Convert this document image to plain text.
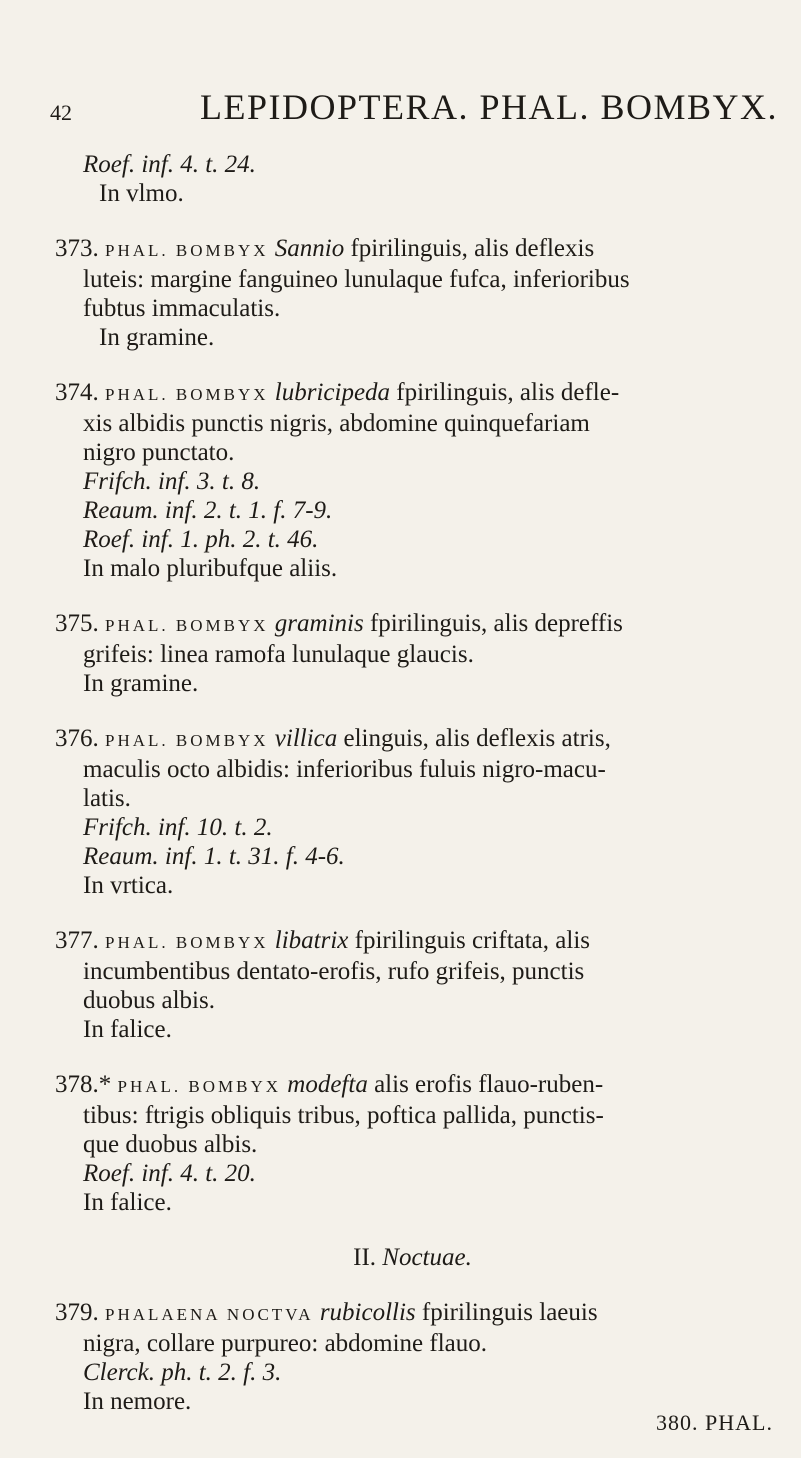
42	LEPIDOPTERA. PHAL. BOMBYX.
Roef. inf. 4. t. 24.
In vlmo.
373. PHAL. BOMBYX Sannio fpirilinguis, alis deflexis
luteis: margine fanguineo lunulaque fufca, inferioribus
fubtus immaculatis.
In gramine.
374. PHAL. BOMBYX lubricipeda fpirilinguis, alis defle-
xis albidis punctis nigris, abdomine quinquefariam
nigro punctato.
Frifch. inf. 3. t. 8.
Reaum. inf. 2. t. 1. f. 7-9.
Roef. inf. 1. ph. 2. t. 46.
In malo pluribufque aliis.
375. PHAL. BOMBYX graminis fpirilinguis, alis depreffis
grifeis: linea ramofa lunulaque glaucis.
In gramine.
376. PHAL. BOMBYX villica elinguis, alis deflexis atris,
maculis octo albidis: inferioribus fuluis nigro-macu-
latis.
Frifch. inf. 10. t. 2.
Reaum. inf. 1. t. 31. f. 4-6.
In vrtica.
377. PHAL. BOMBYX libatrix fpirilinguis criftata, alis
incumbentibus dentato-erofis, rufo grifeis, punctis
duobus albis.
In falice.
378.* PHAL. BOMBYX modefta alis erofis flauo-ruben-
tibus: ftrigis obliquis tribus, poftica pallida, punctis-
que duobus albis.
Roef. inf. 4. t. 20.
In falice.
II. Noctuae.
379. PHALAENA NOCTVA rubicollis fpirilinguis laeuis
nigra, collare purpureo: abdomine flauo.
Clerck. ph. t. 2. f. 3.
In nemore.
380. PHAL.
